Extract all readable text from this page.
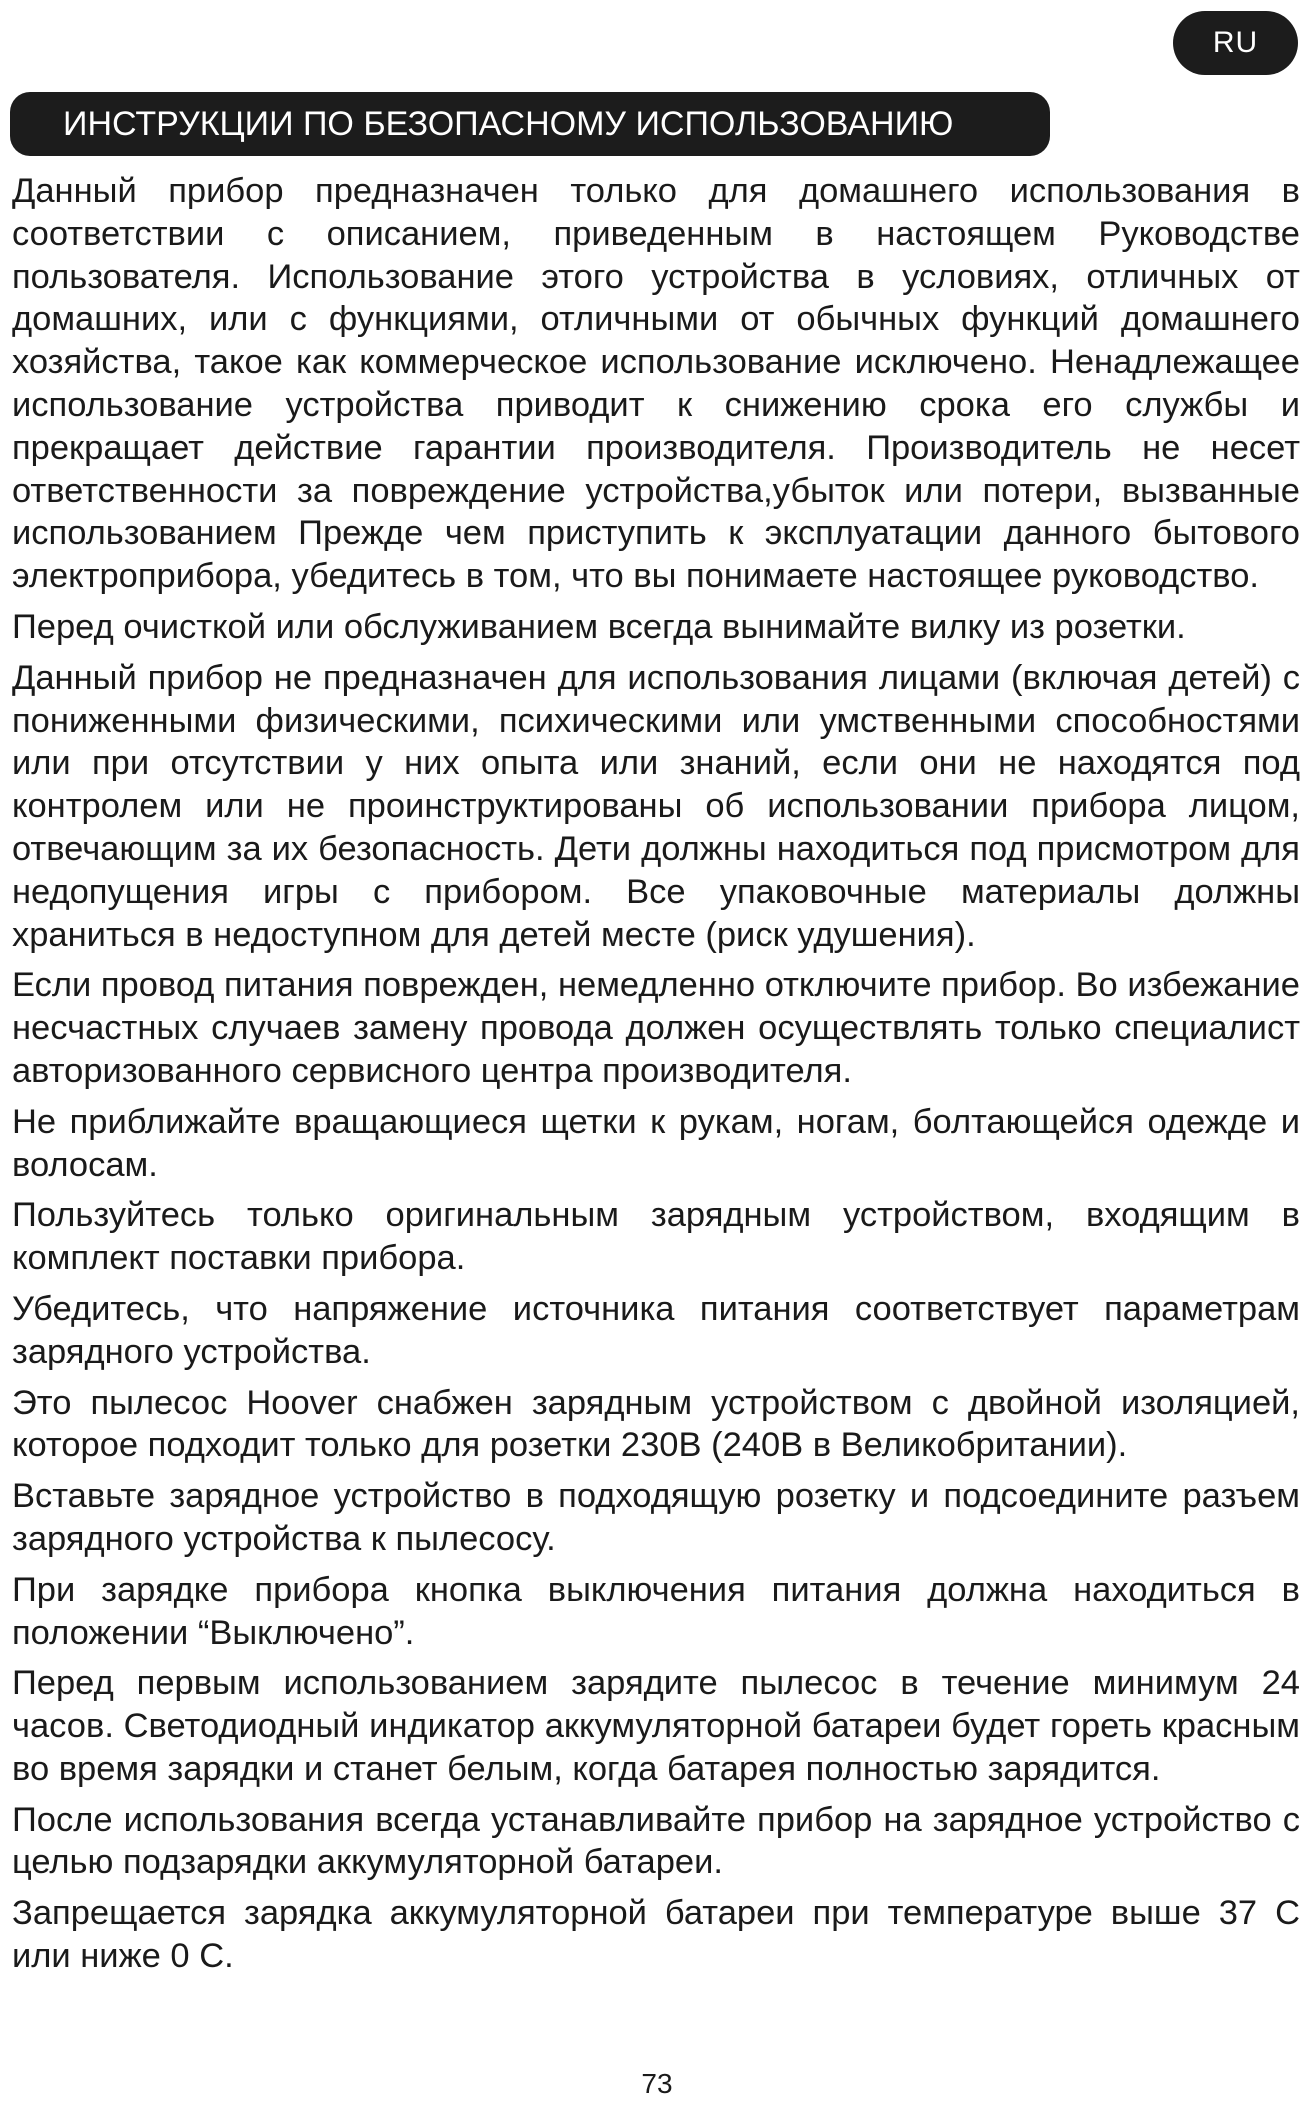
RU
ИНСТРУКЦИИ ПО БЕЗОПАСНОМУ ИСПОЛЬЗОВАНИЮ

Данный прибор предназначен только для домашнего использования в соответствии с описанием, приведенным в настоящем Руководстве пользователя. Использование этого устройства в условиях, отличных от домашних, или с функциями, отличными от обычных функций домашнего хозяйства, такое как коммерческое использование исключено. Ненадлежащее использование устройства приводит к снижению срока его службы и прекращает действие гарантии производителя. Производитель не несет ответственности за повреждение устройства,убыток или потери, вызванные использованием Прежде чем приступить к эксплуатации данного бытового электроприбора, убедитесь в том, что вы понимаете настоящее руководство.

Перед очисткой или обслуживанием всегда вынимайте вилку из розетки.

Данный прибор не предназначен для использования лицами (включая детей) с пониженными физическими, психическими или умственными способностями или при отсутствии у них опыта или знаний, если они не находятся под контролем или не проинструктированы об использовании прибора лицом, отвечающим за их безопасность. Дети должны находиться под присмотром для недопущения игры с прибором. Все упаковочные материалы должны храниться в недоступном для детей месте (риск удушения).

Если провод питания поврежден, немедленно отключите прибор. Во избежание несчастных случаев замену провода должен осуществлять только специалист авторизованного сервисного центра производителя.

Не приближайте вращающиеся щетки к рукам, ногам, болтающейся одежде и волосам.

Пользуйтесь только оригинальным зарядным устройством, входящим в комплект поставки прибора.

Убедитесь, что напряжение источника питания соответствует параметрам зарядного устройства.

Это пылесос Hoover снабжен зарядным устройством с двойной изоляцией, которое подходит только для розетки 230В (240В в Великобритании).

Вставьте зарядное устройство в подходящую розетку и подсоедините разъем зарядного устройства к пылесосу.

При зарядке прибора кнопка выключения питания должна находиться в положении “Выключено”.

Перед первым использованием зарядите пылесос в течение минимум 24 часов. Светодиодный индикатор аккумуляторной батареи будет гореть красным во время зарядки и станет белым, когда батарея полностью зарядится.

После использования всегда устанавливайте прибор на зарядное устройство с целью подзарядки аккумуляторной батареи.

Запрещается зарядка аккумуляторной батареи при температуре выше 37 С или ниже 0 С.

73
